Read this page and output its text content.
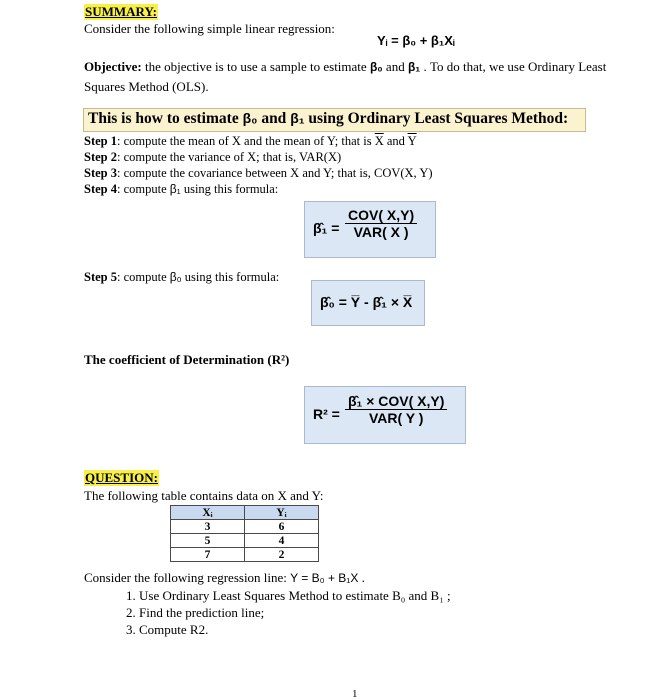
SUMMARY:
Consider the following simple linear regression:
Yᵢ = β₀ + β₁Xᵢ
Objective: the objective is to use a sample to estimate β₀ and β₁ . To do that, we use Ordinary Least Squares Method (OLS).
This is how to estimate β₀ and β₁ using Ordinary Least Squares Method:
Step 1: compute the mean of X and the mean of Y; that is $\overline{X}$ and $\overline{Y}$
Step 2: compute the variance of X; that is, VAR(X)
Step 3: compute the covariance between X and Y; that is, COV(X, Y)
Step 4: compute β₁ using this formula:
β̂₁ =
COV( X,Y)
VAR( X )
Step 5: compute β₀ using this formula:
β̂₀ = Y̅ - β̂₁ × X̅
The coefficient of Determination (R²)
R² =
β̂₁ × COV( X,Y)
VAR( Y )
QUESTION:
The following table contains data on X and Y:
Xᵢ	Yᵢ
3	6
5	4
7	2
Consider the following regression line: Y = B₀ + B₁X .
1. Use Ordinary Least Squares Method to estimate B₀ and B₁ ;
2. Find the prediction line;
3. Compute R2.
1
